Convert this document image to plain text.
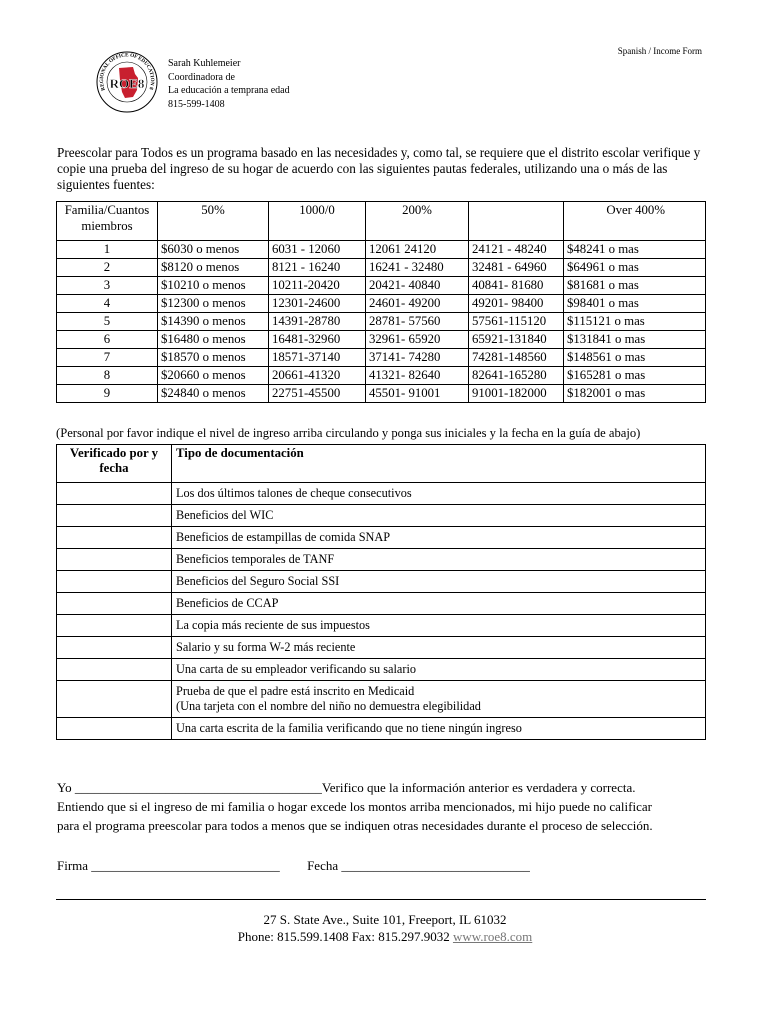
Spanish / Income Form
REGIONAL OFFICE OF EDUCATION 8
ROE8
Sarah Kuhlemeier
Coordinadora de
La educación a temprana edad
815-599-1408
Preescolar para Todos es un programa basado en las necesidades y, como tal, se requiere que el distrito escolar verifique y copie una prueba del ingreso de su hogar de acuerdo con las siguientes pautas federales, utilizando una o más de las siguientes fuentes:
Familia/Cuantos miembros	50%	1000/0	200%		Over 400%
1	$6030 o menos	6031 - 12060	12061 24120	24121 - 48240	$48241 o mas
2	$8120 o menos	8121 - 16240	16241 - 32480	32481 - 64960	$64961 o mas
3	$10210 o menos	10211-20420	20421- 40840	40841- 81680	$81681 o mas
4	$12300 o menos	12301-24600	24601- 49200	49201- 98400	$98401 o mas
5	$14390 o menos	14391-28780	28781- 57560	57561-115120	$115121 o mas
6	$16480 o menos	16481-32960	32961- 65920	65921-131840	$131841 o mas
7	$18570 o menos	18571-37140	37141- 74280	74281-148560	$148561 o mas
8	$20660 o menos	20661-41320	41321- 82640	82641-165280	$165281 o mas
9	$24840 o menos	22751-45500	45501- 91001	91001-182000	$182001 o mas
(Personal por favor indique el nivel de ingreso arriba circulando y ponga sus iniciales y la fecha en la guía de abajo)
Verificado por y fecha	Tipo de documentación

	Los dos últimos talones de cheque consecutivos

	Beneficios del WIC

	Beneficios de estampillas de comida SNAP

	Beneficios temporales de TANF

	Beneficios del Seguro Social SSI

	Beneficios de CCAP

	La copia más reciente de sus impuestos

	Salario y su forma W-2 más reciente

	Una carta de su empleador verificando su salario

	Prueba de que el padre está inscrito en Medicaid
(Una tarjeta con el nombre del niño no demuestra elegibilidad

	Una carta escrita de la familia verificando que no tiene ningún ingreso
Yo ______________________________________Verifico que la información anterior es verdadera y correcta.
Entiendo que si el ingreso de mi familia o hogar excede los montos arriba mencionados, mi hijo puede no calificar
para el programa preescolar para todos a menos que se indiquen otras necesidades durante el proceso de selección.
Firma _____________________________ Fecha _____________________________
27 S. State Ave., Suite 101, Freeport, IL 61032
Phone: 815.599.1408 Fax: 815.297.9032 www.roe8.com
